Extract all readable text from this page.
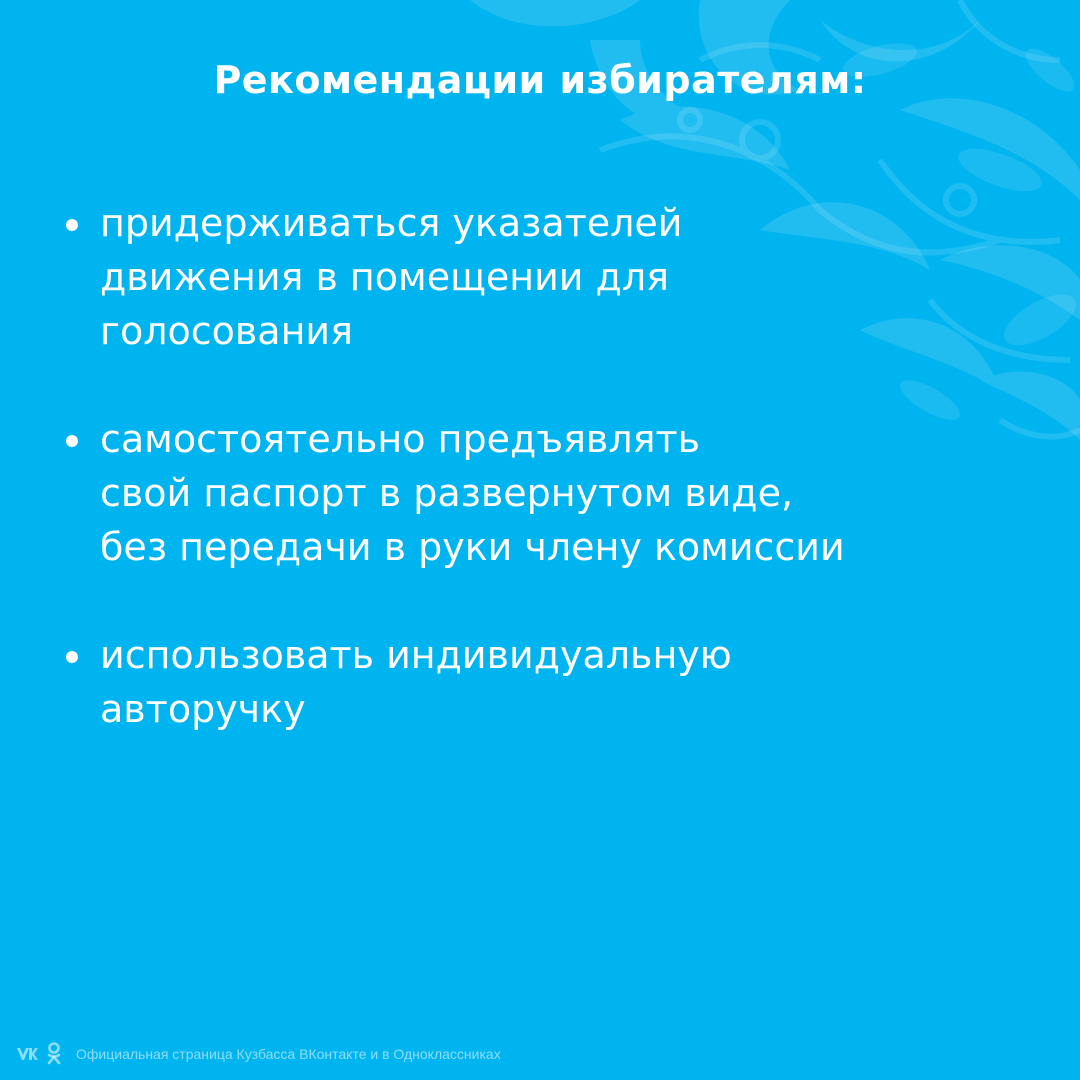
Рекомендации избирателям:
придерживаться указателей
движения в помещении для
голосования
самостоятельно предъявлять
свой паспорт в развернутом виде,
без передачи в руки члену комиссии
использовать индивидуальную
авторучку
Официальная страница Кузбасса ВКонтакте и в Одноклассниках
